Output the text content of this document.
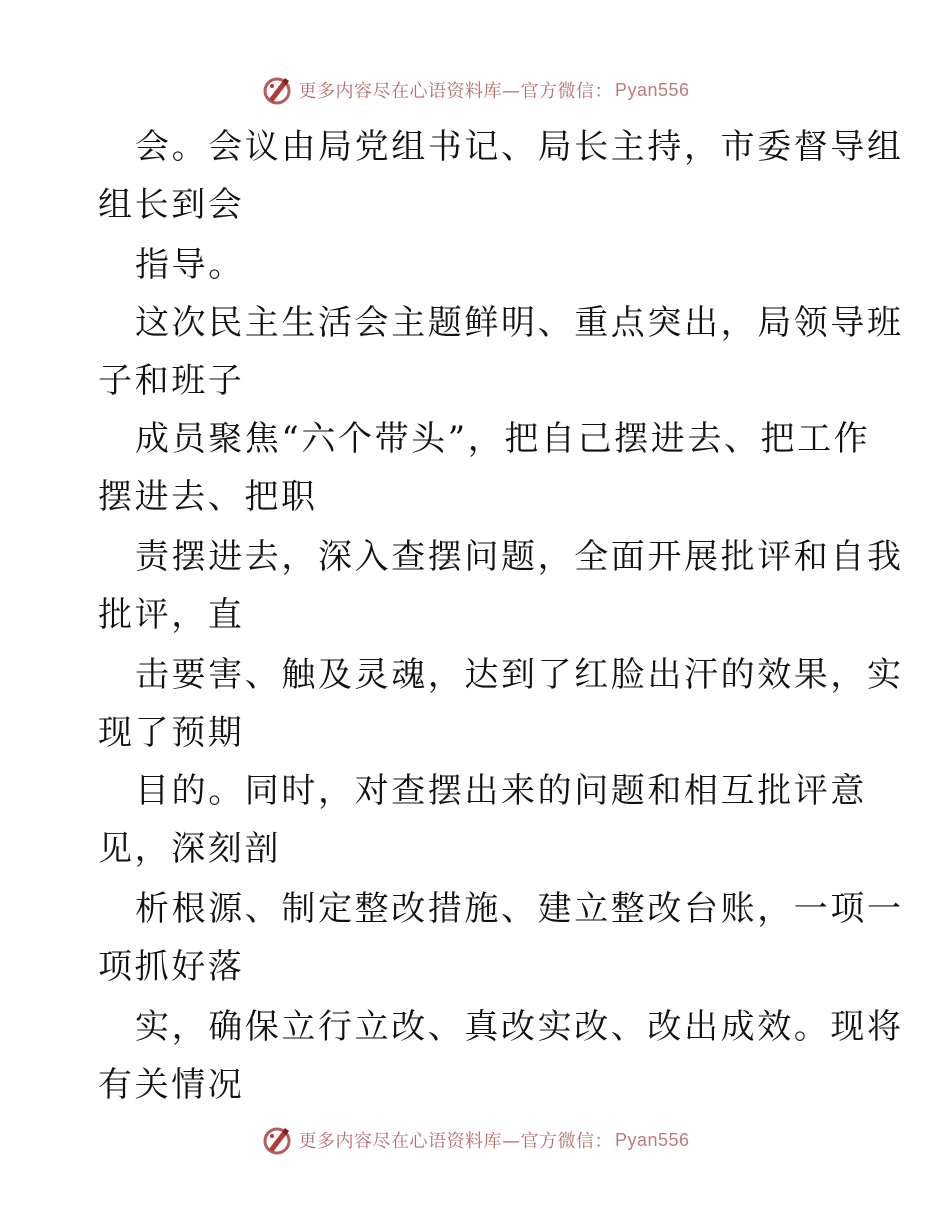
更多内容尽在心语资料库—官方微信： Pyan556
会。会议由局党组书记、局长主持，市委督导组
组长到会
指导。
这次民主生活会主题鲜明、重点突出，局领导班
子和班子
成员聚焦“六个带头”，把自己摆进去、把工作
摆进去、把职
责摆进去，深入查摆问题，全面开展批评和自我
批评，直
击要害、触及灵魂，达到了红脸出汗的效果，实
现了预期
目的。同时，对查摆出来的问题和相互批评意
见，深刻剖
析根源、制定整改措施、建立整改台账，一项一
项抓好落
实，确保立行立改、真改实改、改出成效。现将
有关情况
更多内容尽在心语资料库—官方微信： Pyan556
